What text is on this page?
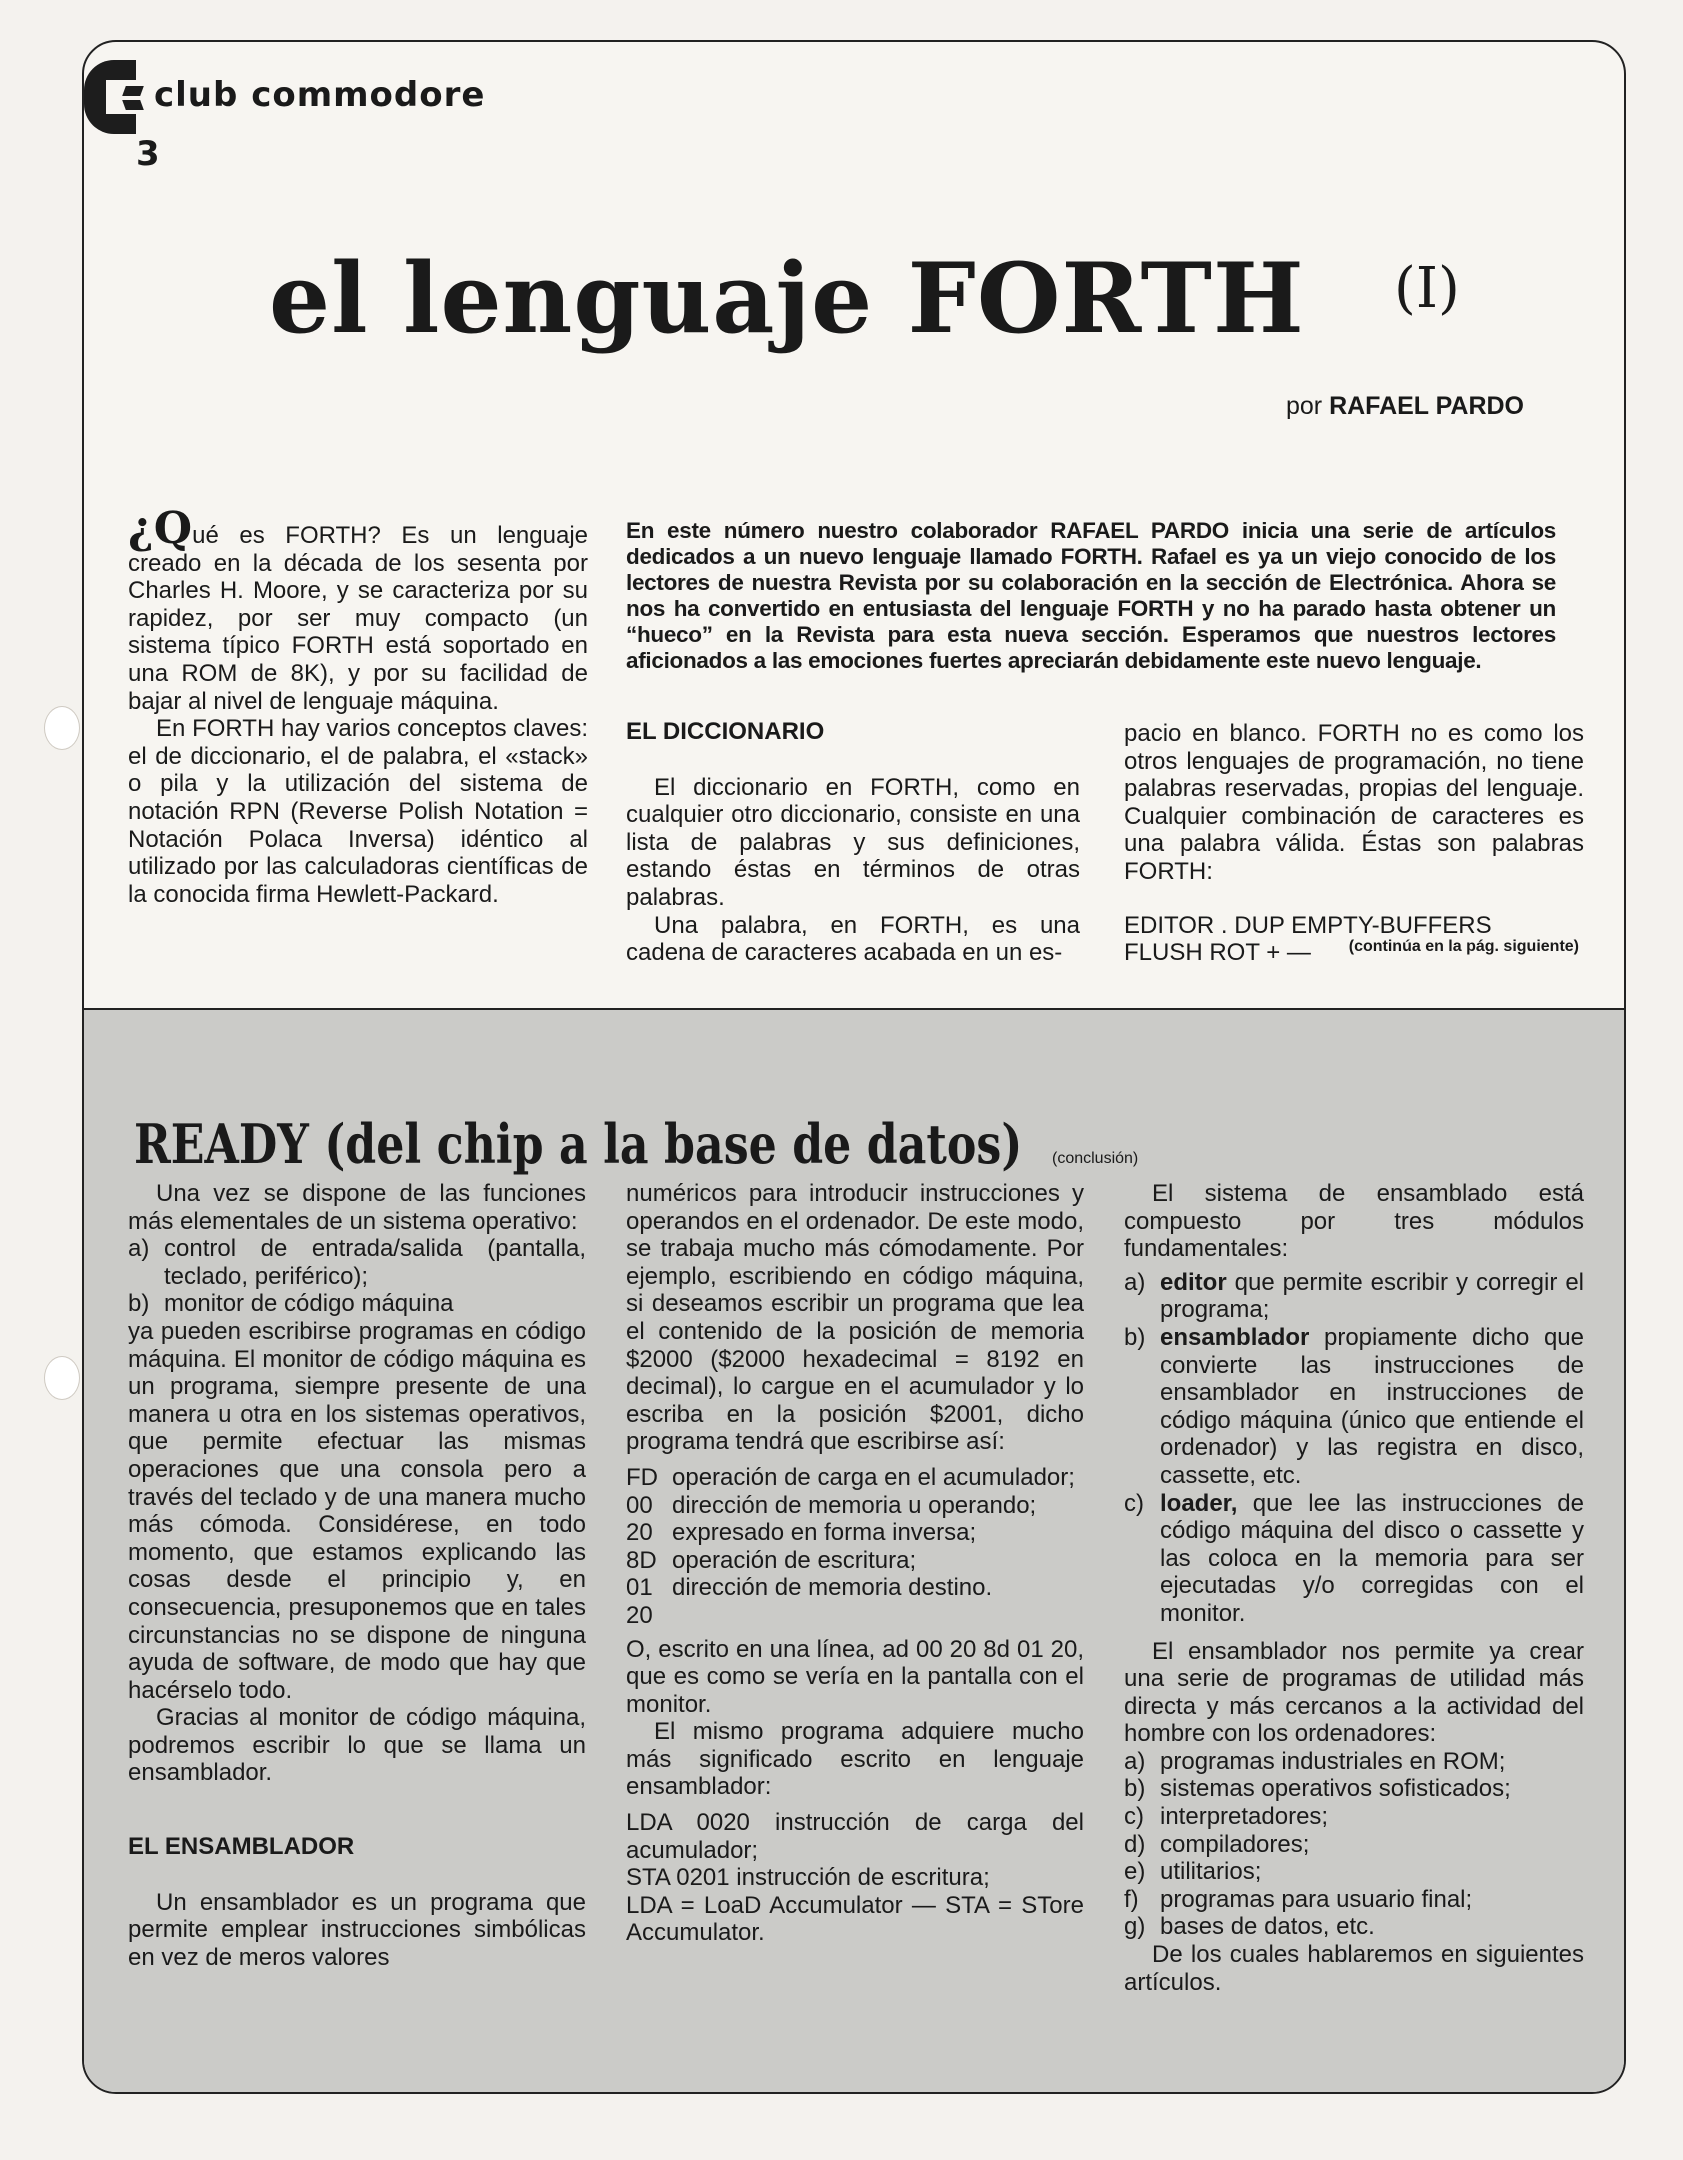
club commodore
3
el lenguaje FORTH (I)
por RAFAEL PARDO

¿Qué es FORTH? Es un lenguaje creado en la década de los sesenta por Charles H. Moore, y se caracteriza por su rapidez, por ser muy compacto (un sistema típico FORTH está soportado en una ROM de 8K), y por su facilidad de bajar al nivel de lenguaje máquina.

En FORTH hay varios conceptos claves: el de diccionario, el de palabra, el «stack» o pila y la utilización del sistema de notación RPN (Reverse Polish Notation = Notación Polaca Inversa) idéntico al utilizado por las calculadoras científicas de la conocida firma Hewlett-Packard.

En este número nuestro colaborador RAFAEL PARDO inicia una serie de artículos dedicados a un nuevo lenguaje llamado FORTH. Rafael es ya un viejo conocido de los lectores de nuestra Revista por su colaboración en la sección de Electrónica. Ahora se nos ha convertido en entusiasta del lenguaje FORTH y no ha parado hasta obtener un “hueco” en la Revista para esta nueva sección. Esperamos que nuestros lectores aficionados a las emociones fuertes apreciarán debidamente este nuevo lenguaje.
EL DICCIONARIO

El diccionario en FORTH, como en cualquier otro diccionario, consiste en una lista de palabras y sus definiciones, estando éstas en términos de otras palabras.

Una palabra, en FORTH, es una cadena de caracteres acabada en un es-

pacio en blanco. FORTH no es como los otros lenguajes de programación, no tiene palabras reservadas, propias del lenguaje. Cualquier combinación de caracteres es una palabra válida. Éstas son palabras FORTH:

EDITOR . DUP EMPTY-BUFFERS

FLUSH ROT + —	(continúa en la pág. siguiente)
READY (del chip a la base de datos) (conclusión)

Una vez se dispone de las funciones más elementales de un sistema operativo:

a) control de entrada/salida (pantalla, teclado, periférico);
b) monitor de código máquina

ya pueden escribirse programas en código máquina. El monitor de código máquina es un programa, siempre presente de una manera u otra en los sistemas operativos, que permite efectuar las mismas operaciones que una consola pero a través del teclado y de una manera mucho más cómoda. Considérese, en todo momento, que estamos explicando las cosas desde el principio y, en consecuencia, presuponemos que en tales circunstancias no se dispone de ninguna ayuda de software, de modo que hay que hacérselo todo.

Gracias al monitor de código máquina, podremos escribir lo que se llama un ensamblador.

EL ENSAMBLADOR

Un ensamblador es un programa que permite emplear instrucciones simbólicas en vez de meros valores

numéricos para introducir instrucciones y operandos en el ordenador. De este modo, se trabaja mucho más cómodamente. Por ejemplo, escribiendo en código máquina, si deseamos escribir un programa que lea el contenido de la posición de memoria $2000 ($2000 hexadecimal = 8192 en decimal), lo cargue en el acumulador y lo escriba en la posición $2001, dicho programa tendrá que escribirse así:

FD operación de carga en el acumulador;
00 dirección de memoria u operando;
20 expresado en forma inversa;
8D operación de escritura;
01 dirección de memoria destino.
20

O, escrito en una línea, ad 00 20 8d 01 20, que es como se vería en la pantalla con el monitor.

El mismo programa adquiere mucho más significado escrito en lenguaje ensamblador:

LDA 0020 instrucción de carga del acumulador;

STA 0201 instrucción de escritura;

LDA = LoaD Accumulator — STA = STore Accumulator.

El sistema de ensamblado está compuesto por tres módulos fundamentales:

a) editor que permite escribir y corregir el programa;
b) ensamblador propiamente dicho que convierte las instrucciones de ensamblador en instrucciones de código máquina (único que entiende el ordenador) y las registra en disco, cassette, etc.
c) loader, que lee las instrucciones de código máquina del disco o cassette y las coloca en la memoria para ser ejecutadas y/o corregidas con el monitor.

El ensamblador nos permite ya crear una serie de programas de utilidad más directa y más cercanos a la actividad del hombre con los ordenadores:

a) programas industriales en ROM;
b) sistemas operativos sofisticados;
c) interpretadores;
d) compiladores;
e) utilitarios;
f) programas para usuario final;
g) bases de datos, etc.

De los cuales hablaremos en siguientes artículos.
